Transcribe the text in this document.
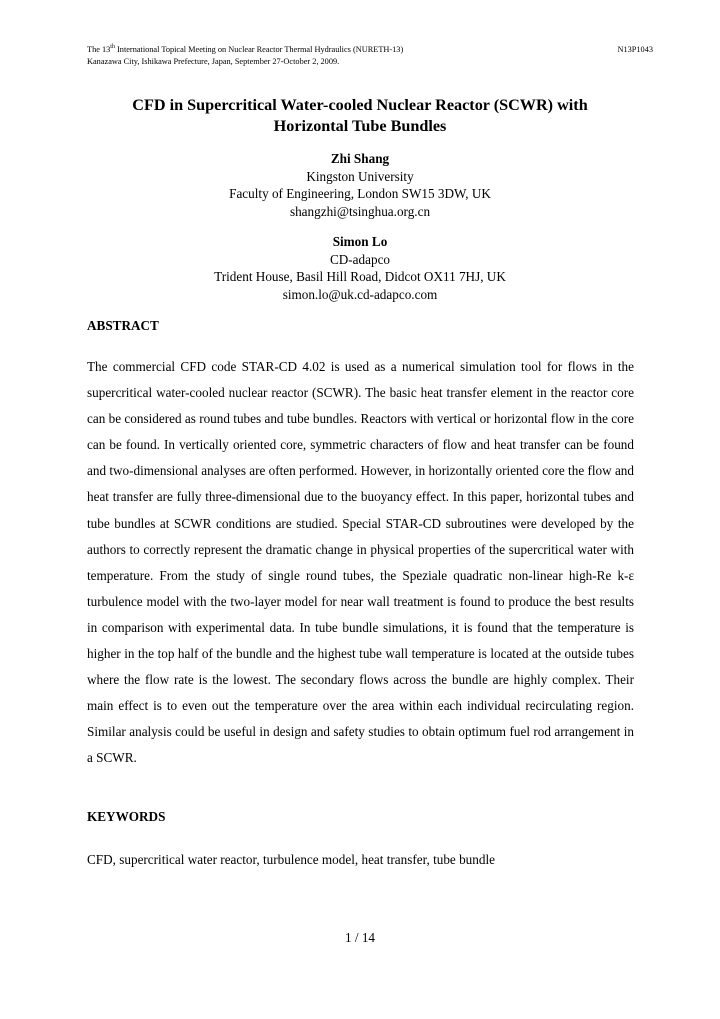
The 13th International Topical Meeting on Nuclear Reactor Thermal Hydraulics (NURETH-13)	N13P1043
Kanazawa City, Ishikawa Prefecture, Japan, September 27-October 2, 2009.
CFD in Supercritical Water-cooled Nuclear Reactor (SCWR) with
Horizontal Tube Bundles
Zhi Shang
Kingston University
Faculty of Engineering, London SW15 3DW, UK
shangzhi@tsinghua.org.cn
Simon Lo
CD-adapco
Trident House, Basil Hill Road, Didcot OX11 7HJ, UK
simon.lo@uk.cd-adapco.com
ABSTRACT

The commercial CFD code STAR-CD 4.02 is used as a numerical simulation tool for flows in the supercritical water-cooled nuclear reactor (SCWR). The basic heat transfer element in the reactor core can be considered as round tubes and tube bundles. Reactors with vertical or horizontal flow in the core can be found. In vertically oriented core, symmetric characters of flow and heat transfer can be found and two-dimensional analyses are often performed. However, in horizontally oriented core the flow and heat transfer are fully three-dimensional due to the buoyancy effect. In this paper, horizontal tubes and tube bundles at SCWR conditions are studied. Special STAR-CD subroutines were developed by the authors to correctly represent the dramatic change in physical properties of the supercritical water with temperature. From the study of single round tubes, the Speziale quadratic non-linear high-Re k-ε turbulence model with the two-layer model for near wall treatment is found to produce the best results in comparison with experimental data. In tube bundle simulations, it is found that the temperature is higher in the top half of the bundle and the highest tube wall temperature is located at the outside tubes where the flow rate is the lowest. The secondary flows across the bundle are highly complex. Their main effect is to even out the temperature over the area within each individual recirculating region. Similar analysis could be useful in design and safety studies to obtain optimum fuel rod arrangement in a SCWR.

KEYWORDS
CFD, supercritical water reactor, turbulence model, heat transfer, tube bundle
1 / 14
